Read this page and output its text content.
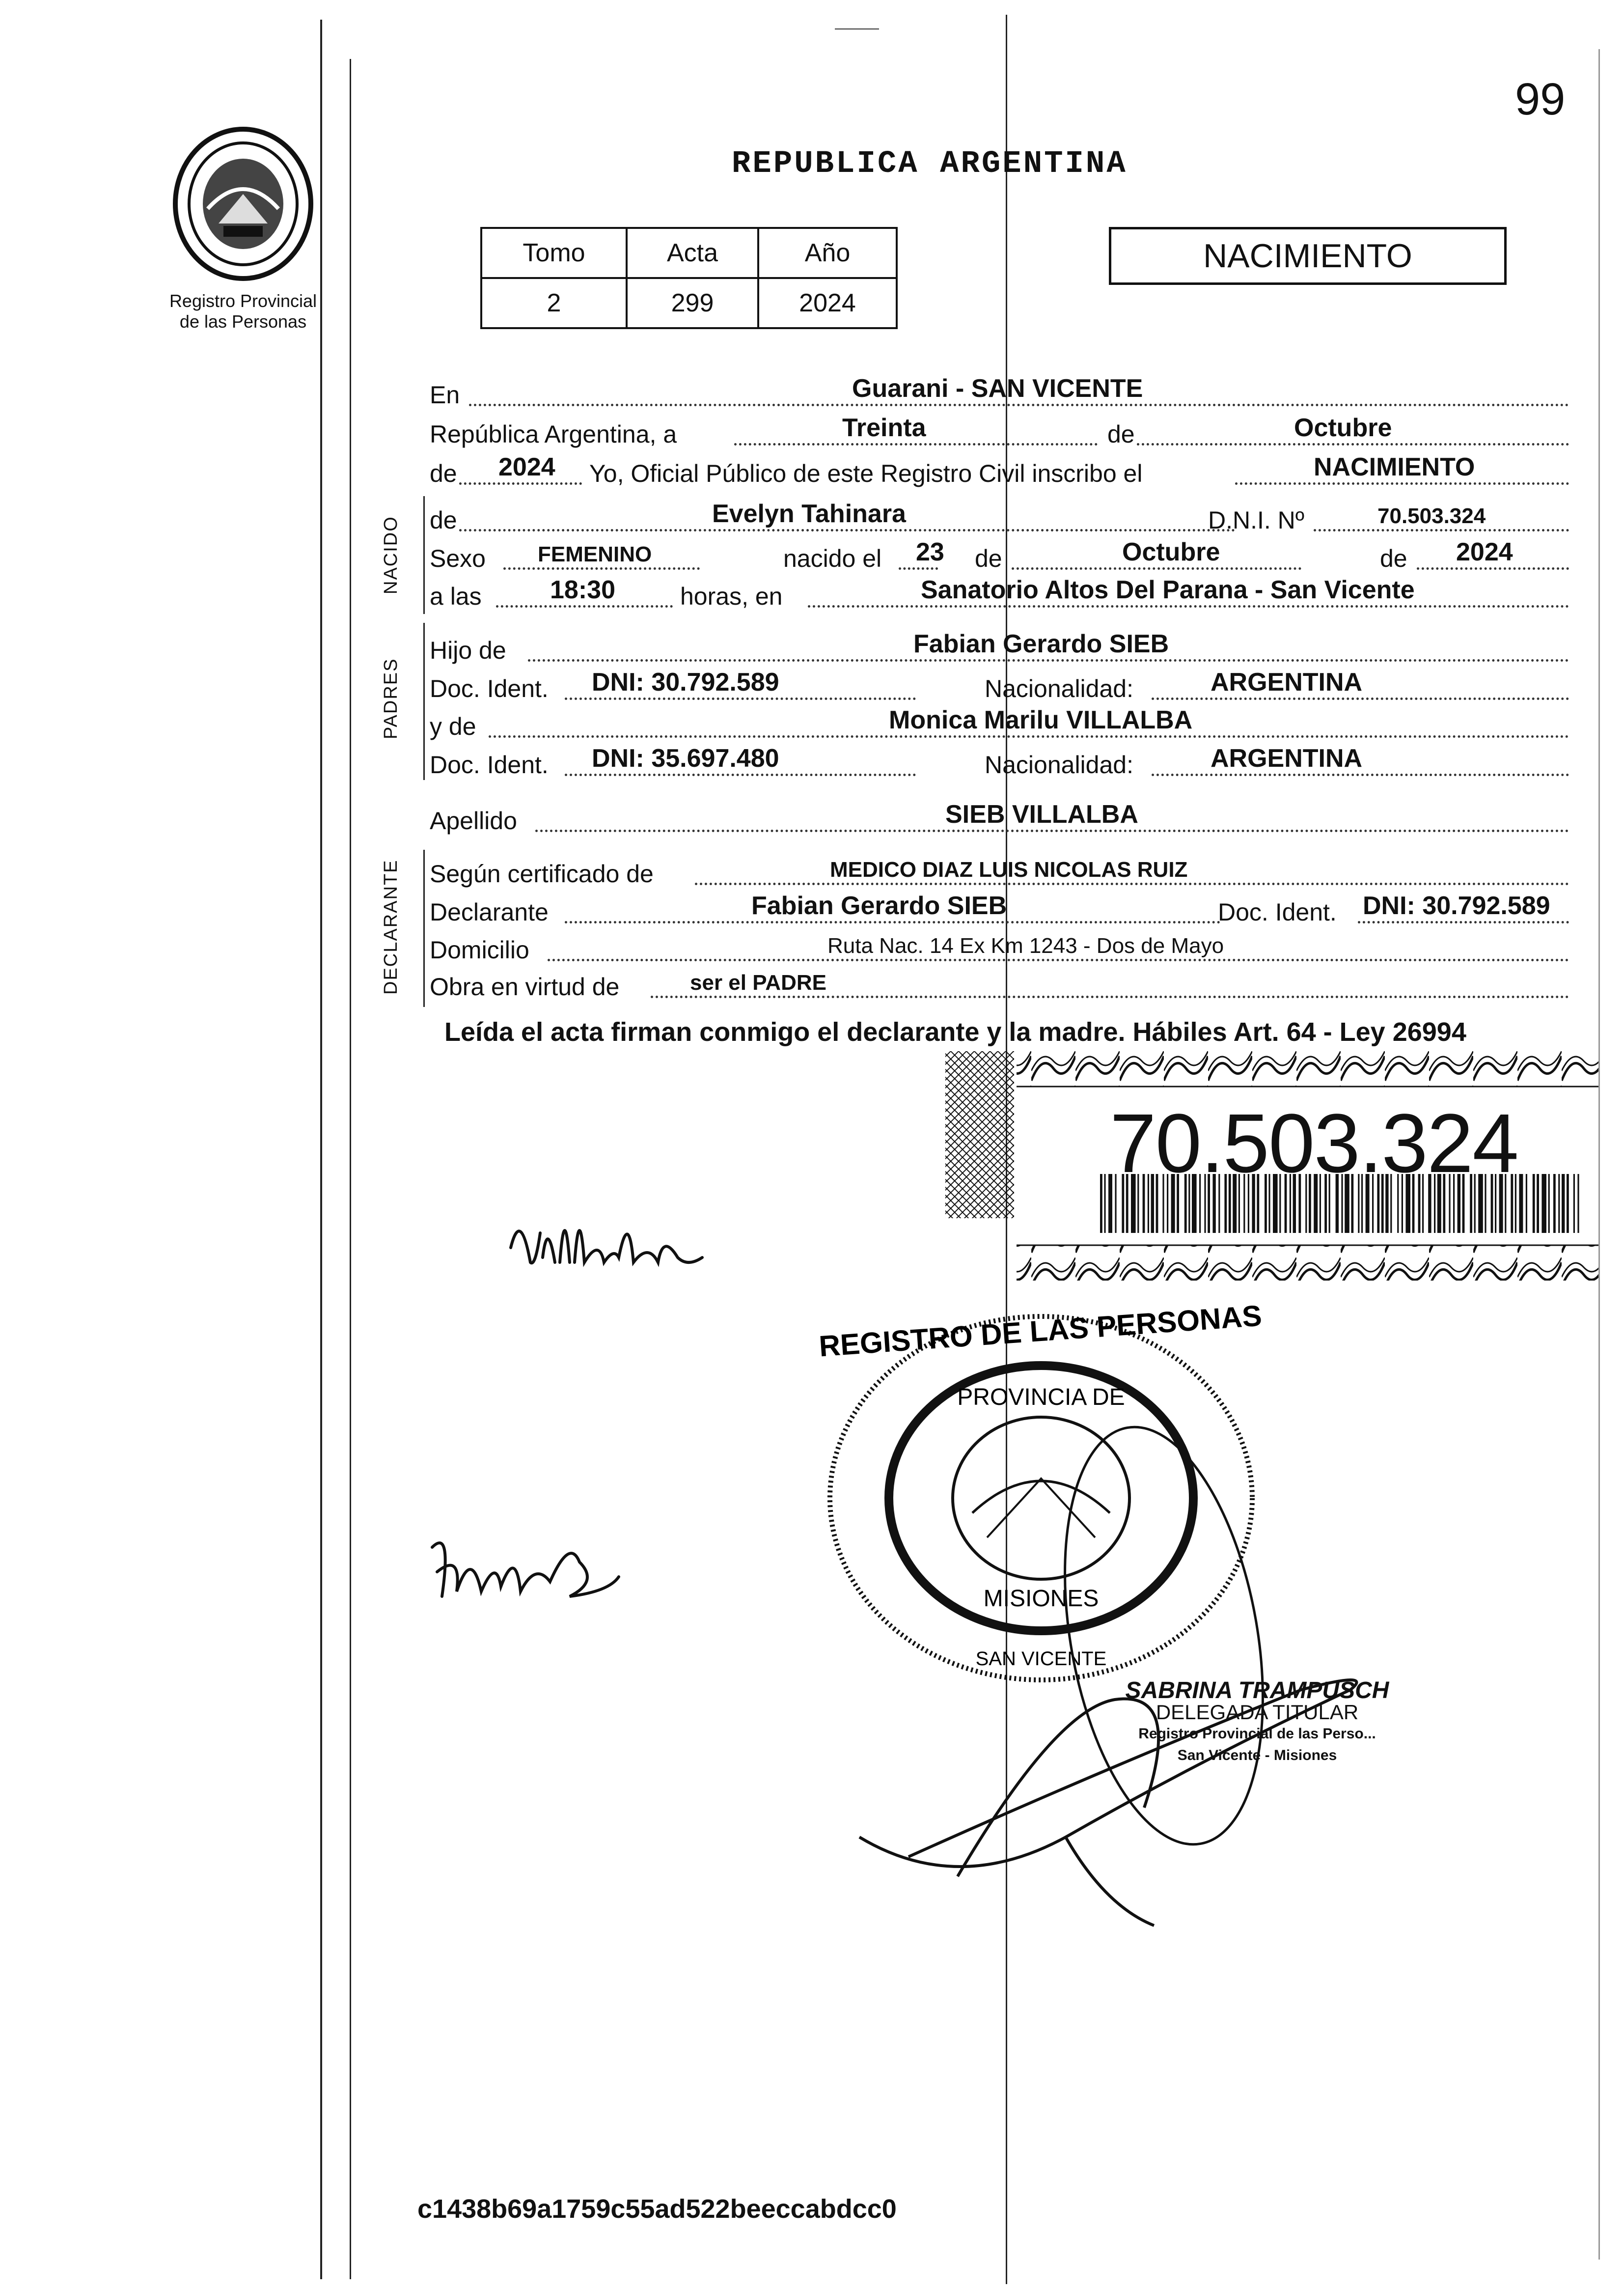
99
REPUBLICA ARGENTINA
Registro Provincial
de las Personas
Tomo	Acta	Año
2	299	2024
NACIMIENTO
En	Guarani - SAN VICENTE
República Argentina, a	Treinta	de	Octubre
de 2024 Yo, Oficial Público de este Registro Civil inscribo el	NACIMIENTO
NACIDO de	Evelyn Tahinara	D.N.I. Nº	70.503.324
Sexo FEMENINO	nacido el 23 de	Octubre	de 2024
a las	18:30	horas, en	Sanatorio Altos Del Parana - San Vicente
PADRES
Hijo de	Fabian Gerardo SIEB
Doc. Ident. DNI: 30.792.589	Nacionalidad:	ARGENTINA
y de	Monica Marilu VILLALBA
Doc. Ident. DNI: 35.697.480	Nacionalidad:	ARGENTINA
Apellido	SIEB VILLALBA
DECLARANTE Según certificado de	MEDICO DIAZ LUIS NICOLAS RUIZ
Declarante	Fabian Gerardo SIEB	Doc. Ident. DNI: 30.792.589
Domicilio	Ruta Nac. 14 Ex Km 1243 - Dos de Mayo
Obra en virtud de	ser el PADRE
Leída el acta firman conmigo el declarante y la madre. Hábiles Art. 64 - Ley 26994
70.503.324
REGISTRO DE LAS PERSONAS
PROVINCIA DE
MISIONES
SAN VICENTE
SABRINA TRAMPUSCH
DELEGADA TITULAR
Registro Provincial de las Perso...
San Vicente - Misiones
c1438b69a1759c55ad522beeccabdcc0
